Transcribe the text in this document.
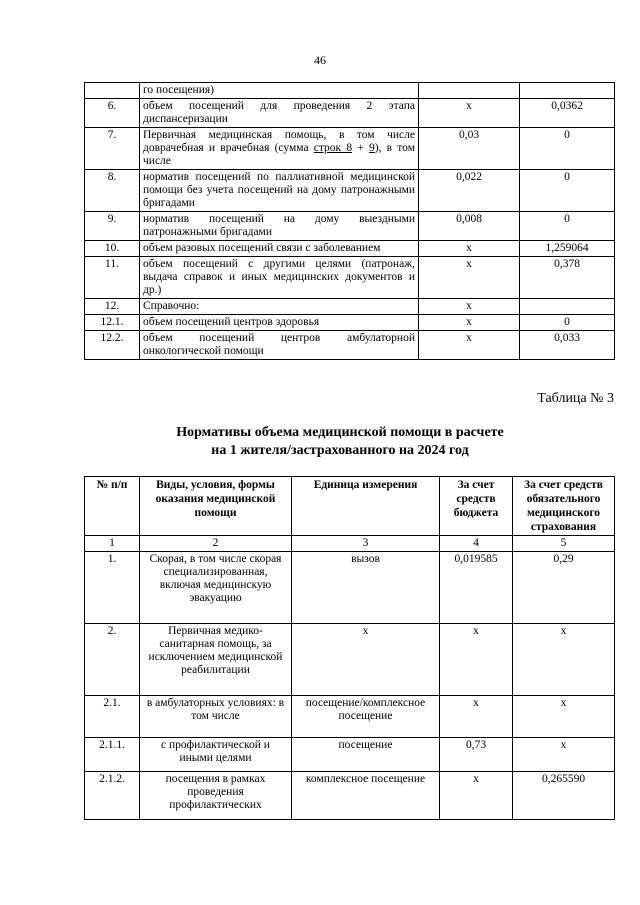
46
	го посещения)		
6.	объем посещений для проведения 2 этапа диспансеризации	х	0,0362
7.	Первичная медицинская помощь, в том числе доврачебная и врачебная (сумма строк 8 + 9), в том числе	0,03	0
8.	норматив посещений по паллиативной медицинской помощи без учета посещений на дому патронажными бригадами	0,022	0
9.	норматив посещений на дому выездными патронажными бригадами	0,008	0
10.	объем разовых посещений связи с заболеванием	х	1,259064
11.	объем посещений с другими целями (патронаж, выдача справок и иных медицинских документов и др.)	х	0,378
12.	Справочно:	х	
12.1.	объем посещений центров здоровья	х	0
12.2.	объем посещений центров амбулаторной онкологической помощи	х	0,033
Таблица № 3
Нормативы объема медицинской помощи в расчете
на 1 жителя/застрахованного на 2024 год
№ п/п	Виды, условия, формы оказания медицинской помощи	Единица измерения	За счет средств бюджета	За счет средств обязательного медицинского страхования
1	2	3	4	5
1.	Скорая, в том числе скорая специализированная, включая медицинскую эвакуацию	вызов	0,019585	0,29
2.	Первичная медико-санитарная помощь, за исключением медицинской реабилитации	х	х	х
2.1.	в амбулаторных условиях: в том числе	посещение/комплексное посещение	х	х
2.1.1.	с профилактической и иными целями	посещение	0,73	х
2.1.2.	посещения в рамках проведения профилактических	комплексное посещение	х	0,265590
